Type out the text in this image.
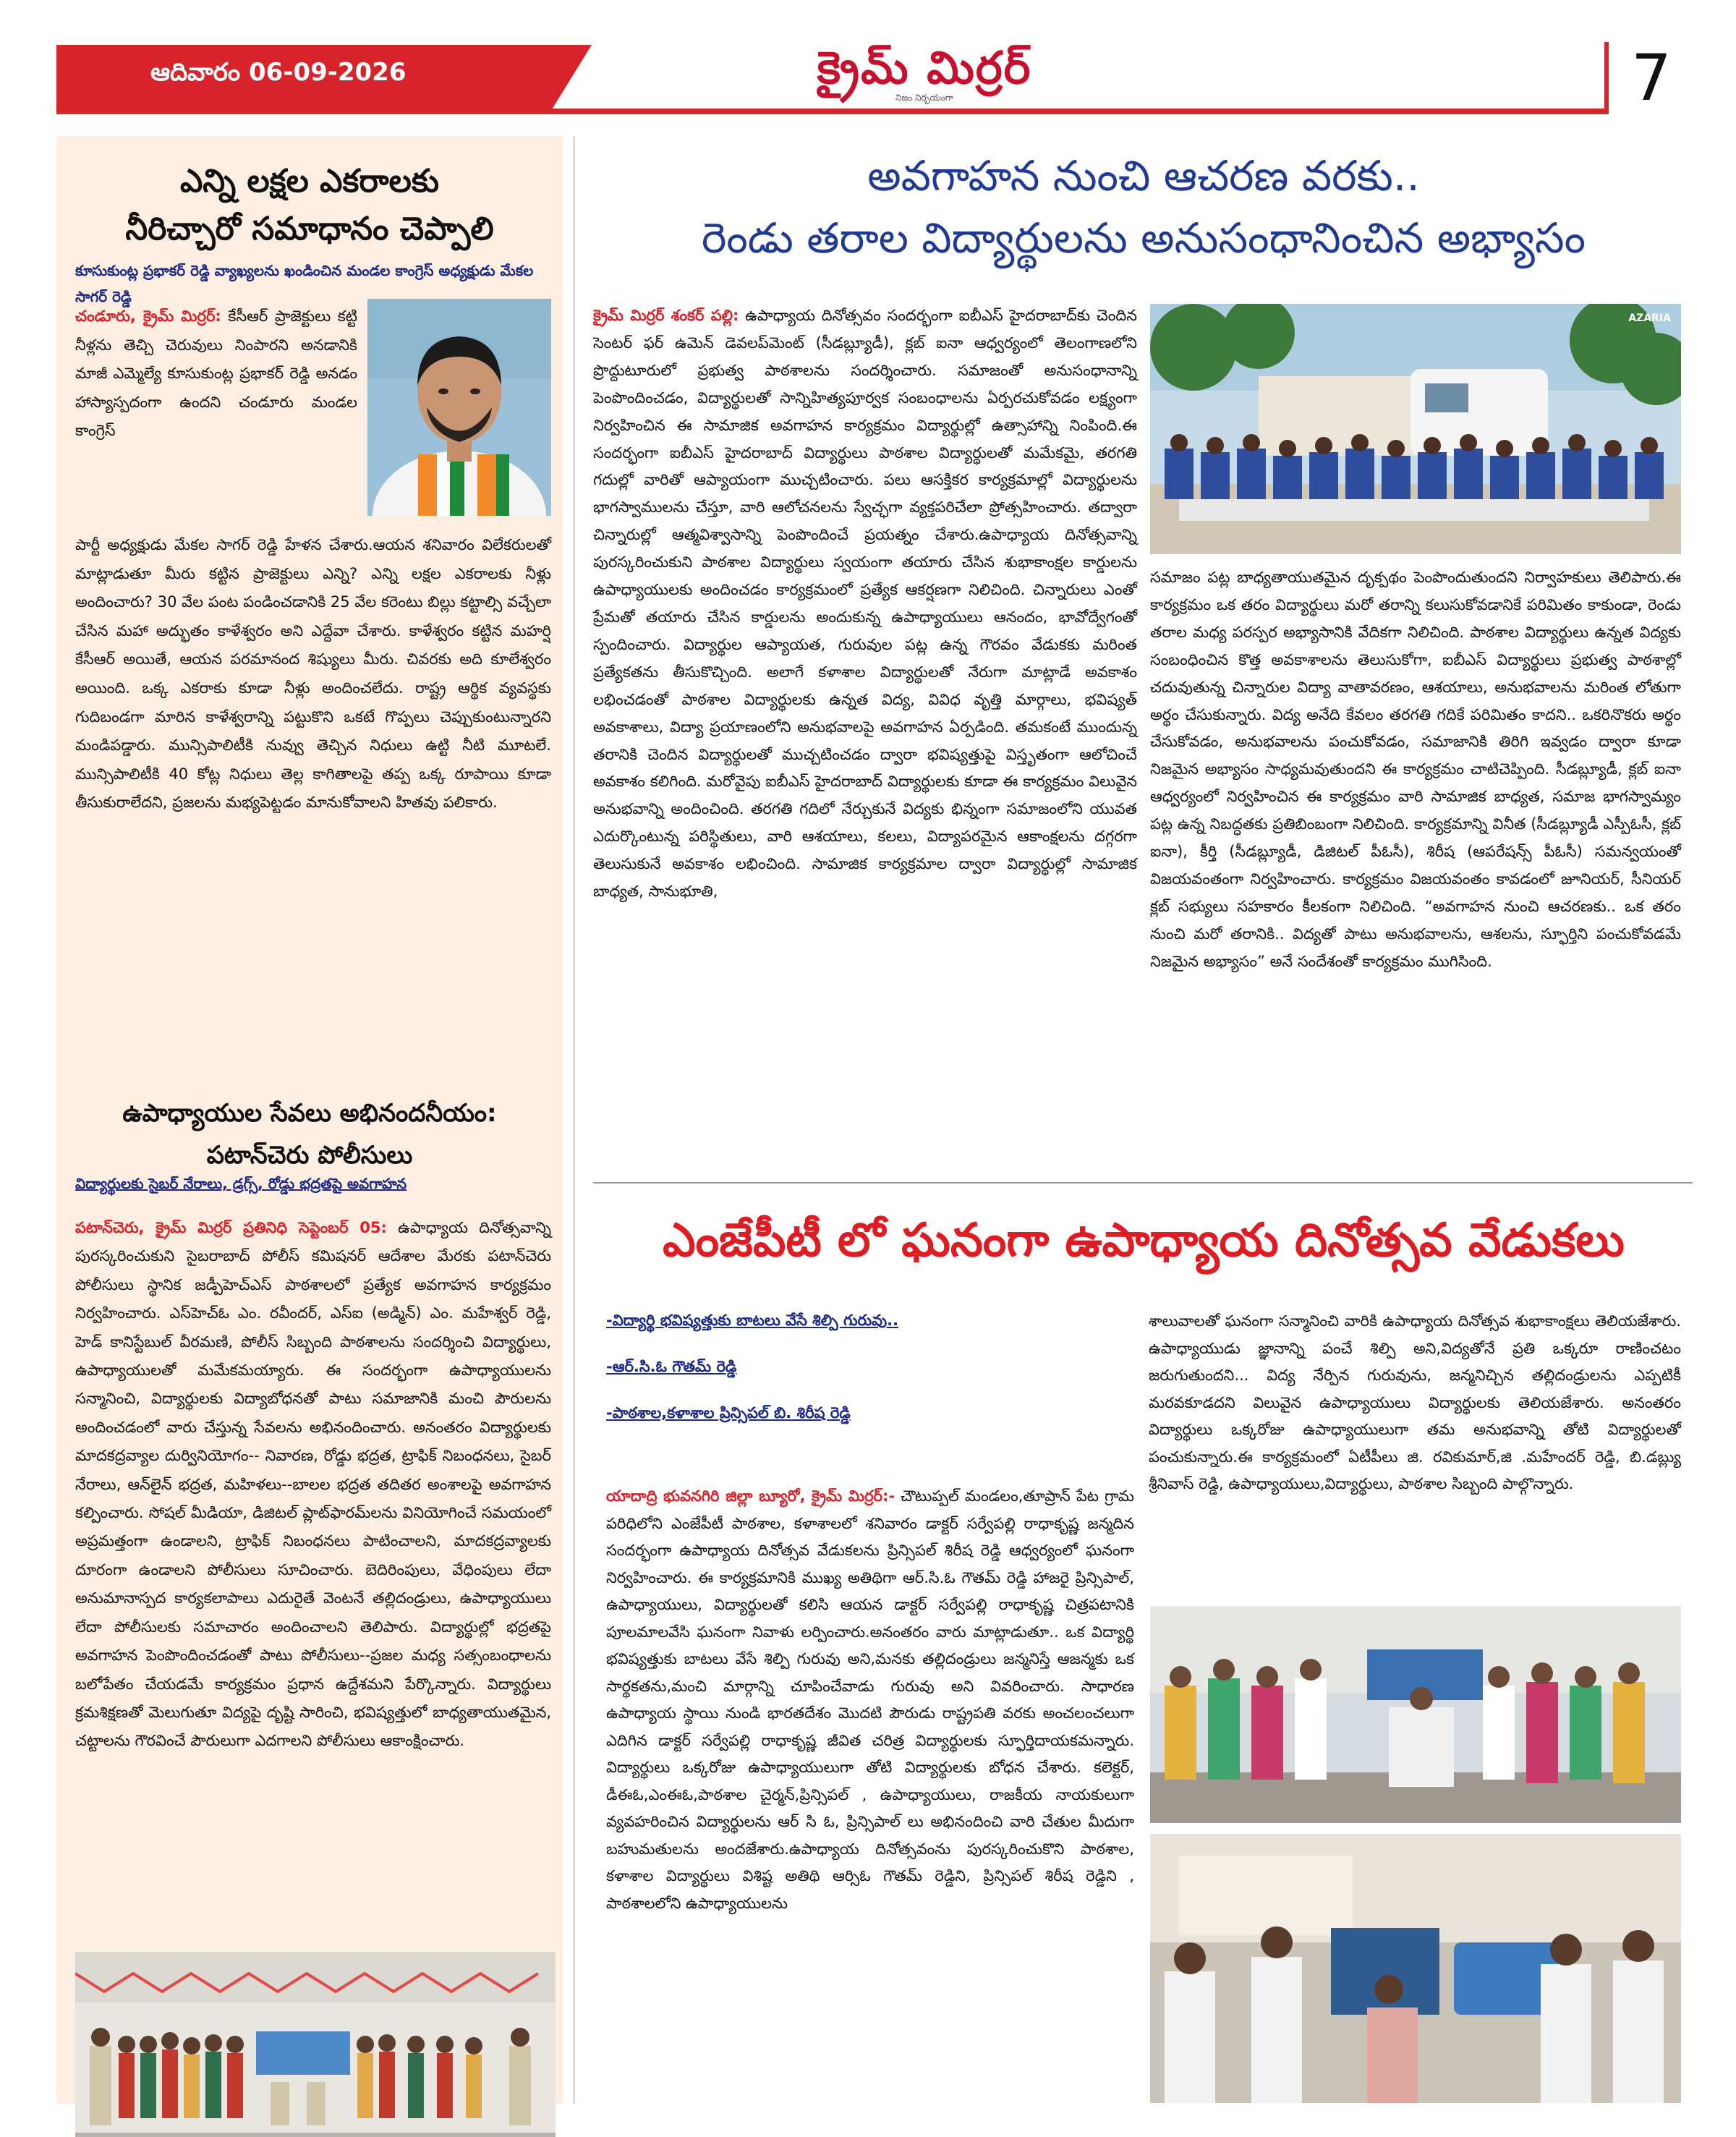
ఆదివారం 06-09-2026	క్రైమ్ మిర్రర్
నిజం నిర్భయంగా	7
ఎన్ని లక్షల ఎకరాలకు
నీరిచ్చారో సమాధానం చెప్పాలి
కూసుకుంట్ల ప్రభాకర్ రెడ్డి వ్యాఖ్యలను ఖండించిన మండల కాంగ్రెస్ అధ్యక్షుడు మేకల సాగర్ రెడ్డి
చండూరు, క్రైమ్ మిర్రర్: కేసీఆర్ ప్రాజెక్టులు కట్టి నీళ్లను తెచ్చి చెరువులు నింపారని అనడానికి మాజీ ఎమ్మెల్యే కూసుకుంట్ల ప్రభాకర్ రెడ్డి అనడం హాస్యాస్పదంగా ఉందని చండూరు మండల కాంగ్రెస్
పార్టీ అధ్యక్షుడు మేకల సాగర్ రెడ్డి హేళన చేశారు.ఆయన శనివారం విలేకరులతో మాట్లాడుతూ మీరు కట్టిన ప్రాజెక్టులు ఎన్ని? ఎన్ని లక్షల ఎకరాలకు నీళ్లు అందించారు? 30 వేల పంట పండించడానికి 25 వేల కరెంటు బిల్లు కట్టాల్సి వచ్చేలా చేసిన మహా అద్భుతం కాళేశ్వరం అని ఎద్దేవా చేశారు. కాళేశ్వరం కట్టిన మహర్షి కేసీఆర్ అయితే, ఆయన పరమానంద శిష్యులు మీరు. చివరకు అది కూలేశ్వరం అయింది. ఒక్క ఎకరాకు కూడా నీళ్లు అందించలేదు. రాష్ట్ర ఆర్థిక వ్యవస్థకు గుదిబండగా మారిన కాళేశ్వరాన్ని పట్టుకొని ఒకటే గొప్పలు చెప్పుకుంటున్నారని మండిపడ్డారు. మున్సిపాలిటీకి నువ్వు తెచ్చిన నిధులు ఉట్టి నీటి మూటలే. మున్సిపాలిటీకి 40 కోట్ల నిధులు తెల్ల కాగితాలపై తప్ప ఒక్క రూపాయి కూడా తీసుకురాలేదని, ప్రజలను మభ్యపెట్టడం మానుకోవాలని హితవు పలికారు.
ఉపాధ్యాయుల సేవలు అభినందనీయం:
పటాన్‌చెరు పోలీసులు
విద్యార్థులకు సైబర్ నేరాలు, డ్రగ్స్, రోడ్డు భద్రతపై అవగాహన
పటాన్‌చెరు, క్రైమ్ మిర్రర్ ప్రతినిధి సెప్టెంబర్ 05: ఉపాధ్యాయ దినోత్సవాన్ని పురస్కరించుకుని సైబరాబాద్ పోలీస్ కమిషనర్ ఆదేశాల మేరకు పటాన్‌చెరు పోలీసులు స్థానిక జడ్పీహెచ్ఎస్ పాఠశాలలో ప్రత్యేక అవగాహన కార్యక్రమం నిర్వహించారు. ఎస్‌హెచ్ఓ ఎం. రవీందర్, ఎస్ఐ (అడ్మిన్) ఎం. మహేశ్వర్ రెడ్డి, హెడ్ కానిస్టేబుల్ వీరమణి, పోలీస్ సిబ్బంది పాఠశాలను సందర్శించి విద్యార్థులు, ఉపాధ్యాయులతో మమేకమయ్యారు. ఈ సందర్భంగా ఉపాధ్యాయులను సన్మానించి, విద్యార్థులకు విద్యాబోధనతో పాటు సమాజానికి మంచి పౌరులను అందించడంలో వారు చేస్తున్న సేవలను అభినందించారు. అనంతరం విద్యార్థులకు మాదకద్రవ్యాల దుర్వినియోగం-- నివారణ, రోడ్డు భద్రత, ట్రాఫిక్ నిబంధనలు, సైబర్ నేరాలు, ఆన్‌లైన్ భద్రత, మహిళలు--బాలల భద్రత తదితర అంశాలపై అవగాహన కల్పించారు. సోషల్ మీడియా, డిజిటల్ ప్లాట్‌ఫారమ్‌లను వినియోగించే సమయంలో అప్రమత్తంగా ఉండాలని, ట్రాఫిక్ నిబంధనలు పాటించాలని, మాదకద్రవ్యాలకు దూరంగా ఉండాలని పోలీసులు సూచించారు. బెదిరింపులు, వేధింపులు లేదా అనుమానాస్పద కార్యకలాపాలు ఎదురైతే వెంటనే తల్లిదండ్రులు, ఉపాధ్యాయులు లేదా పోలీసులకు సమాచారం అందించాలని తెలిపారు. విద్యార్థుల్లో భద్రతపై అవగాహన పెంపొందించడంతో పాటు పోలీసులు--ప్రజల మధ్య సత్సంబంధాలను బలోపేతం చేయడమే కార్యక్రమం ప్రధాన ఉద్దేశమని పేర్కొన్నారు. విద్యార్థులు క్రమశిక్షణతో మెలుగుతూ విద్యపై దృష్టి సారించి, భవిష్యత్తులో బాధ్యతాయుతమైన, చట్టాలను గౌరవించే పౌరులుగా ఎదగాలని పోలీసులు ఆకాంక్షించారు.
అవగాహన నుంచి ఆచరణ వరకు..
రెండు తరాల విద్యార్థులను అనుసంధానించిన అభ్యాసం
క్రైమ్ మిర్రర్ శంకర్ పల్లి: ఉపాధ్యాయ దినోత్సవం సందర్భంగా ఐబీఎస్ హైదరాబాద్‌కు చెందిన సెంటర్ ఫర్ ఉమెన్ డెవలప్‌మెంట్ (సీడబ్ల్యూడీ), క్లబ్ ఐనా ఆధ్వర్యంలో తెలంగాణలోని ప్రొద్దుటూరులో ప్రభుత్వ పాఠశాలను సందర్శించారు. సమాజంతో అనుసంధానాన్ని పెంపొందించడం, విద్యార్థులతో సాన్నిహిత్యపూర్వక సంబంధాలను ఏర్పరచుకోవడం లక్ష్యంగా నిర్వహించిన ఈ సామాజిక అవగాహన కార్యక్రమం విద్యార్థుల్లో ఉత్సాహాన్ని నింపింది.ఈ సందర్భంగా ఐబీఎస్ హైదరాబాద్ విద్యార్థులు పాఠశాల విద్యార్థులతో మమేకమై, తరగతి గదుల్లో వారితో ఆప్యాయంగా ముచ్చటించారు. పలు ఆసక్తికర కార్యక్రమాల్లో విద్యార్థులను భాగస్వాములను చేస్తూ, వారి ఆలోచనలను స్వేచ్ఛగా వ్యక్తపరిచేలా ప్రోత్సహించారు. తద్వారా చిన్నారుల్లో ఆత్మవిశ్వాసాన్ని పెంపొందించే ప్రయత్నం చేశారు.ఉపాధ్యాయ దినోత్సవాన్ని పురస్కరించుకుని పాఠశాల విద్యార్థులు స్వయంగా తయారు చేసిన శుభాకాంక్షల కార్డులను ఉపాధ్యాయులకు అందించడం కార్యక్రమంలో ప్రత్యేక ఆకర్షణగా నిలిచింది. చిన్నారులు ఎంతో ప్రేమతో తయారు చేసిన కార్డులను అందుకున్న ఉపాధ్యాయులు ఆనందం, భావోద్వేగంతో స్పందించారు. విద్యార్థుల ఆప్యాయత, గురువుల పట్ల ఉన్న గౌరవం వేడుకకు మరింత ప్రత్యేకతను తీసుకొచ్చింది. అలాగే కళాశాల విద్యార్థులతో నేరుగా మాట్లాడే అవకాశం లభించడంతో పాఠశాల విద్యార్థులకు ఉన్నత విద్య, వివిధ వృత్తి మార్గాలు, భవిష్యత్ అవకాశాలు, విద్యా ప్రయాణంలోని అనుభవాలపై అవగాహన ఏర్పడింది. తమకంటే ముందున్న తరానికి చెందిన విద్యార్థులతో ముచ్చటించడం ద్వారా భవిష్యత్తుపై విస్తృతంగా ఆలోచించే అవకాశం కలిగింది. మరోవైపు ఐబీఎస్ హైదరాబాద్ విద్యార్థులకు కూడా ఈ కార్యక్రమం విలువైన అనుభవాన్ని అందించింది. తరగతి గదిలో నేర్చుకునే విద్యకు భిన్నంగా సమాజంలోని యువత ఎదుర్కొంటున్న పరిస్థితులు, వారి ఆశయాలు, కలలు, విద్యాపరమైన ఆకాంక్షలను దగ్గరగా తెలుసుకునే అవకాశం లభించింది. సామాజిక కార్యక్రమాల ద్వారా విద్యార్థుల్లో సామాజిక బాధ్యత, సానుభూతి,
AZARIA
సమాజం పట్ల బాధ్యతాయుతమైన దృక్పథం పెంపొందుతుందని నిర్వాహకులు తెలిపారు.ఈ కార్యక్రమం ఒక తరం విద్యార్థులు మరో తరాన్ని కలుసుకోవడానికే పరిమితం కాకుండా, రెండు తరాల మధ్య పరస్పర అభ్యాసానికి వేదికగా నిలిచింది. పాఠశాల విద్యార్థులు ఉన్నత విద్యకు సంబంధించిన కొత్త అవకాశాలను తెలుసుకోగా, ఐబీఎస్ విద్యార్థులు ప్రభుత్వ పాఠశాల్లో చదువుతున్న చిన్నారుల విద్యా వాతావరణం, ఆశయాలు, అనుభవాలను మరింత లోతుగా అర్థం చేసుకున్నారు. విద్య అనేది కేవలం తరగతి గదికే పరిమితం కాదని.. ఒకరినొకరు అర్థం చేసుకోవడం, అనుభవాలను పంచుకోవడం, సమాజానికి తిరిగి ఇవ్వడం ద్వారా కూడా నిజమైన అభ్యాసం సాధ్యమవుతుందని ఈ కార్యక్రమం చాటిచెప్పింది. సీడబ్ల్యూడీ, క్లబ్ ఐనా ఆధ్వర్యంలో నిర్వహించిన ఈ కార్యక్రమం వారి సామాజిక బాధ్యత, సమాజ భాగస్వామ్యం పట్ల ఉన్న నిబద్ధతకు ప్రతిబింబంగా నిలిచింది. కార్యక్రమాన్ని వినీత (సీడబ్ల్యూడీ ఎస్పీఓసీ, క్లబ్ ఐనా), కీర్తి (సీడబ్ల్యూడీ, డిజిటల్ పీఓసీ), శిరీష (ఆపరేషన్స్ పీఓసీ) సమన్వయంతో విజయవంతంగా నిర్వహించారు. కార్యక్రమం విజయవంతం కావడంలో జూనియర్, సీనియర్ క్లబ్ సభ్యులు సహకారం కీలకంగా నిలిచింది. “అవగాహన నుంచి ఆచరణకు.. ఒక తరం నుంచి మరో తరానికి.. విద్యతో పాటు అనుభవాలను, ఆశలను, స్ఫూర్తిని పంచుకోవడమే నిజమైన అభ్యాసం” అనే సందేశంతో కార్యక్రమం ముగిసింది.
ఎంజేపీటీ లో ఘనంగా ఉపాధ్యాయ దినోత్సవ వేడుకలు
-విద్యార్థి భవిష్యత్తుకు బాటలు వేసే శిల్పి గురువు..
-ఆర్.సి.ఓ గౌతమ్ రెడ్డి
-పాఠశాల,కళాశాల ప్రిన్సిపల్ బి. శిరీష రెడ్డి
యాదాద్రి భువనగిరి జిల్లా బ్యూరో, క్రైమ్ మిర్రర్:- చౌటుప్పల్ మండలం,తూప్రాన్ పేట గ్రామ పరిధిలోని ఎంజేపీటీ పాఠశాల, కళాశాలలో శనివారం డాక్టర్ సర్వేపల్లి రాధాకృష్ణ జన్మదిన సందర్భంగా ఉపాధ్యాయ దినోత్సవ వేడుకలను ప్రిన్సిపల్ శిరీష రెడ్డి ఆధ్వర్యంలో ఘనంగా నిర్వహించారు. ఈ కార్యక్రమానికి ముఖ్య అతిథిగా ఆర్.సి.ఓ గౌతమ్ రెడ్డి హాజరై ప్రిన్సిపాల్, ఉపాధ్యాయులు, విద్యార్థులతో కలిసి ఆయన డాక్టర్ సర్వేపల్లి రాధాకృష్ణ చిత్రపటానికి పూలమాలవేసి ఘనంగా నివాళు లర్పించారు.అనంతరం వారు మాట్లాడుతూ.. ఒక విద్యార్థి భవిష్యత్తుకు బాటలు వేసే శిల్పి గురువు అని,మనకు తల్లిదండ్రులు జన్మనిస్తే ఆజన్మకు ఒక సార్థకతను,మంచి మార్గాన్ని చూపించేవాడు గురువు అని వివరించారు. సాధారణ ఉపాధ్యాయ స్థాయి నుండి భారతదేశం మొదటి పౌరుడు రాష్ట్రపతి వరకు అంచలంచలుగా ఎదిగిన డాక్టర్ సర్వేపల్లి రాధాకృష్ణ జీవిత చరిత్ర విద్యార్థులకు స్ఫూర్తిదాయకమన్నారు. విద్యార్థులు ఒక్కరోజు ఉపాధ్యాయులుగా తోటి విద్యార్థులకు బోధన చేశారు. కలెక్టర్, డీఈఓ,ఎంఈఓ,పాఠశాల చైర్మన్,ప్రిన్సిపల్ , ఉపాధ్యాయులు, రాజకీయ నాయకులుగా వ్యవహరించిన విద్యార్థులను ఆర్ సి ఓ, ప్రిన్సిపాల్ లు అభినందించి వారి చేతుల మీదుగా బహుమతులను అందజేశారు.ఉపాధ్యాయ దినోత్సవంను పురస్కరించుకొని పాఠశాల, కళాశాల విద్యార్థులు విశిష్ట అతిథి ఆర్సిఓ గౌతమ్ రెడ్డిని, ప్రిన్సిపల్ శిరీష రెడ్డిని , పాఠశాలలోని ఉపాధ్యాయులను
శాలువాలతో ఘనంగా సన్మానించి వారికి ఉపాధ్యాయ దినోత్సవ శుభాకాంక్షలు తెలియజేశారు. ఉపాధ్యాయుడు జ్ఞానాన్ని పంచే శిల్పి అని,విద్యతోనే ప్రతి ఒక్కరూ రాణించటం జరుగుతుందని... విద్య నేర్పిన గురువును, జన్మనిచ్చిన తల్లిదండ్రులను ఎప్పటికీ మరవకూడదని విలువైన ఉపాధ్యాయులు విద్యార్థులకు తెలియజేశారు. అనంతరం విద్యార్థులు ఒక్కరోజు ఉపాధ్యాయులుగా తమ అనుభవాన్ని తోటి విద్యార్థులతో పంచుకున్నారు.ఈ కార్యక్రమంలో ఏటీపీలు జి. రవికుమార్,జి .మహేందర్ రెడ్డి, బి.డబ్ల్యు శ్రీనివాస్ రెడ్డి, ఉపాధ్యాయులు,విద్యార్థులు, పాఠశాల సిబ్బంది పాల్గొన్నారు.
